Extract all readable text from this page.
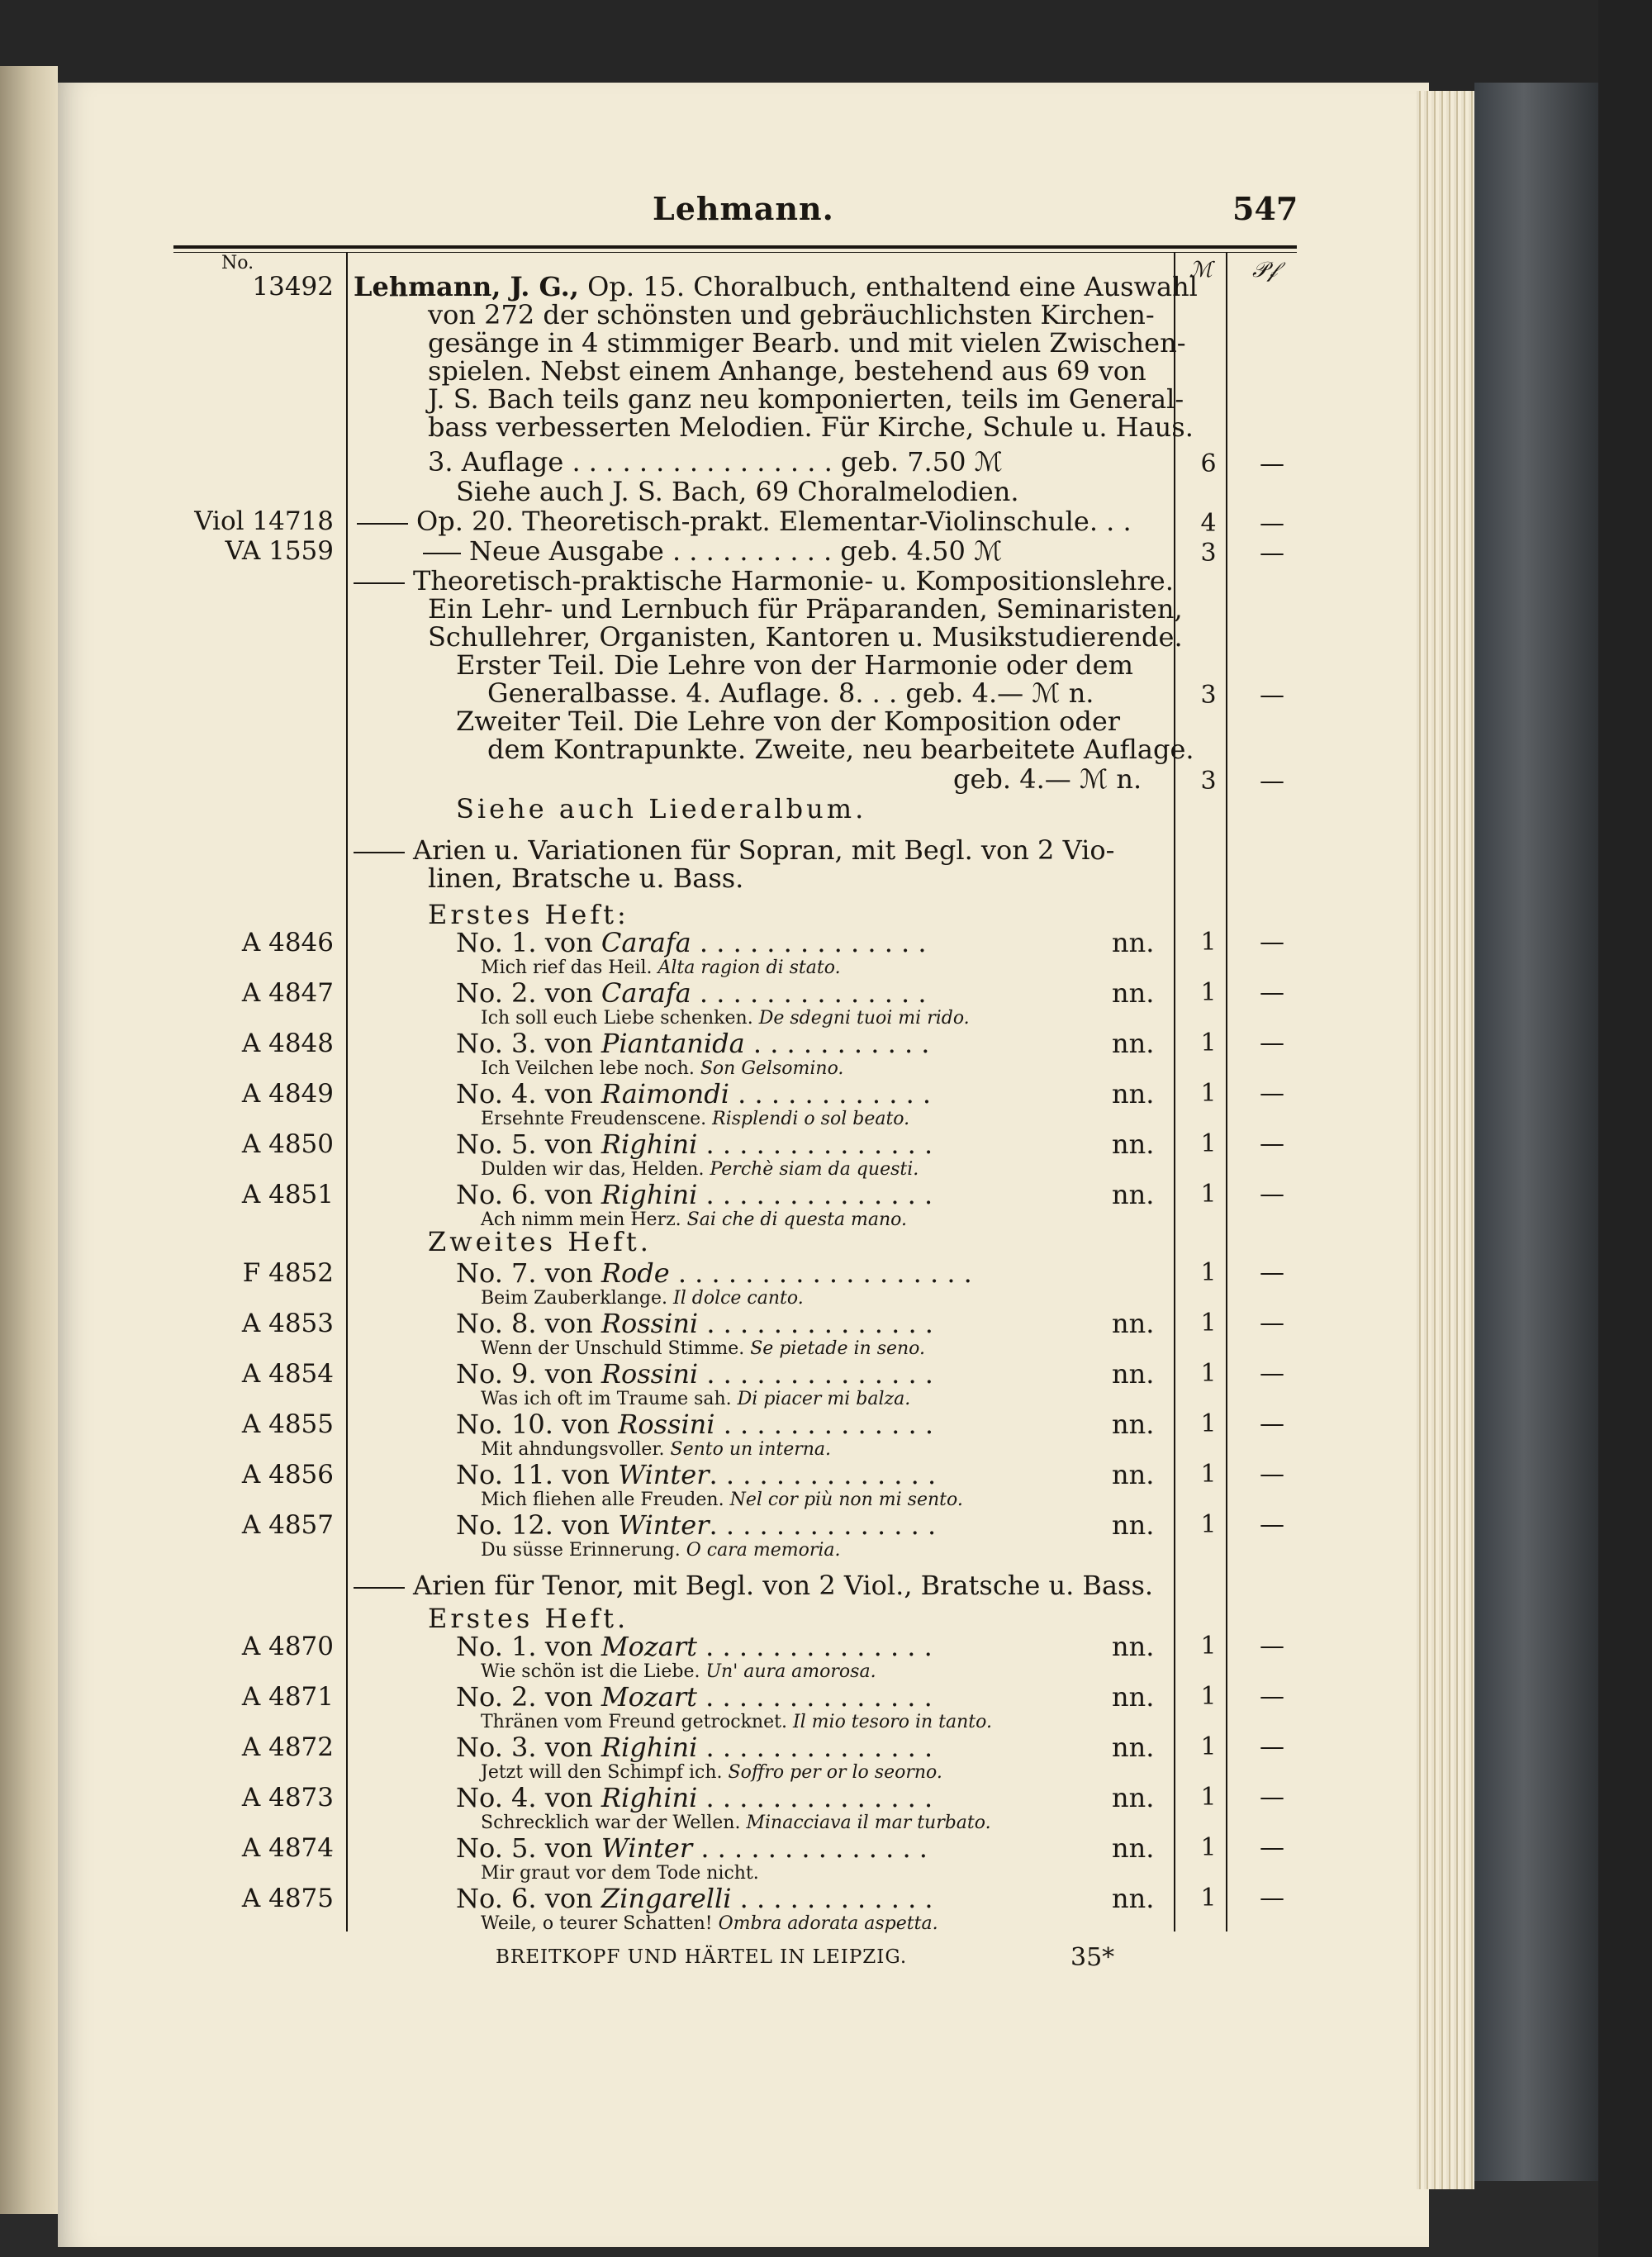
Lehmann.	547
No.	ℳ 𝒫𝒻
13492 Lehmann, J. G., Op. 15. Choralbuch, enthaltend eine Auswahl
von 272 der schönsten und gebräuchlichsten Kirchen-
gesänge in 4 stimmiger Bearb. und mit vielen Zwischen-
spielen. Nebst einem Anhange, bestehend aus 69 von
J. S. Bach teils ganz neu komponierten, teils im General-
bass verbesserten Melodien. Für Kirche, Schule u. Haus.
3. Auflage . . . . . . . . . . . . . . . . geb. 7.50 ℳ	6	—
Siehe auch J. S. Bach, 69 Choralmelodien.
Viol 14718	Op. 20. Theoretisch-prakt. Elementar-Violinschule. . .	4	—
VA 1559	Neue Ausgabe . . . . . . . . . . geb. 4.50 ℳ	3	—
Theoretisch-praktische Harmonie- u. Kompositionslehre.
Ein Lehr- und Lernbuch für Präparanden, Seminaristen,
Schullehrer, Organisten, Kantoren u. Musikstudierende.
Erster Teil. Die Lehre von der Harmonie oder dem
Generalbasse. 4. Auflage. 8. . . geb. 4.— ℳ n.	3	—
Zweiter Teil. Die Lehre von der Komposition oder
dem Kontrapunkte. Zweite, neu bearbeitete Auflage.
geb. 4.— ℳ n.	3	—
Siehe auch Liederalbum.
Arien u. Variationen für Sopran, mit Begl. von 2 Vio-
linen, Bratsche u. Bass.
Erstes Heft:
A 4846	No. 1. von Carafa . . . . . . . . . . . . . .	nn.	1	—
Mich rief das Heil. Alta ragion di stato.
A 4847	No. 2. von Carafa . . . . . . . . . . . . . .	nn.	1	—
Ich soll euch Liebe schenken. De sdegni tuoi mi rido.
A 4848	No. 3. von Piantanida . . . . . . . . . . .	nn.	1	—
Ich Veilchen lebe noch. Son Gelsomino.
A 4849	No. 4. von Raimondi . . . . . . . . . . . .	nn.	1	—
Ersehnte Freudenscene. Risplendi o sol beato.
A 4850	No. 5. von Righini . . . . . . . . . . . . . .	nn.	1	—
Dulden wir das, Helden. Perchè siam da questi.
A 4851	No. 6. von Righini . . . . . . . . . . . . . .	nn.	1	—
Ach nimm mein Herz. Sai che di questa mano.
F 4852	No. 7. von Rode . . . . . . . . . . . . . . . . . .	1	—
Beim Zauberklange. Il dolce canto.
A 4853	No. 8. von Rossini . . . . . . . . . . . . . .	nn.	1	—
Wenn der Unschuld Stimme. Se pietade in seno.
A 4854	No. 9. von Rossini . . . . . . . . . . . . . .	nn.	1	—
Was ich oft im Traume sah. Di piacer mi balza.
A 4855	No. 10. von Rossini . . . . . . . . . . . . .	nn.	1	—
Mit ahndungsvoller. Sento un interna.
A 4856	No. 11. von Winter. . . . . . . . . . . . . .	nn.	1	—
Mich fliehen alle Freuden. Nel cor più non mi sento.
A 4857	No. 12. von Winter. . . . . . . . . . . . . .	nn.	1	—
Du süsse Erinnerung. O cara memoria.
Zweites Heft.
Arien für Tenor, mit Begl. von 2 Viol., Bratsche u. Bass.
Erstes Heft.
A 4870	No. 1. von Mozart . . . . . . . . . . . . . .	nn.	1	—
Wie schön ist die Liebe. Un' aura amorosa.
A 4871	No. 2. von Mozart . . . . . . . . . . . . . .	nn.	1	—
Thränen vom Freund getrocknet. Il mio tesoro in tanto.
A 4872	No. 3. von Righini . . . . . . . . . . . . . .	nn.	1	—
Jetzt will den Schimpf ich. Soffro per or lo seorno.
A 4873	No. 4. von Righini . . . . . . . . . . . . . .	nn.	1	—
Schrecklich war der Wellen. Minacciava il mar turbato.
A 4874	No. 5. von Winter . . . . . . . . . . . . . .	nn.	1	—
Mir graut vor dem Tode nicht.
A 4875	No. 6. von Zingarelli . . . . . . . . . . . .	nn.	1	—
Weile, o teurer Schatten! Ombra adorata aspetta.
BREITKOPF UND HÄRTEL IN LEIPZIG.	35*
